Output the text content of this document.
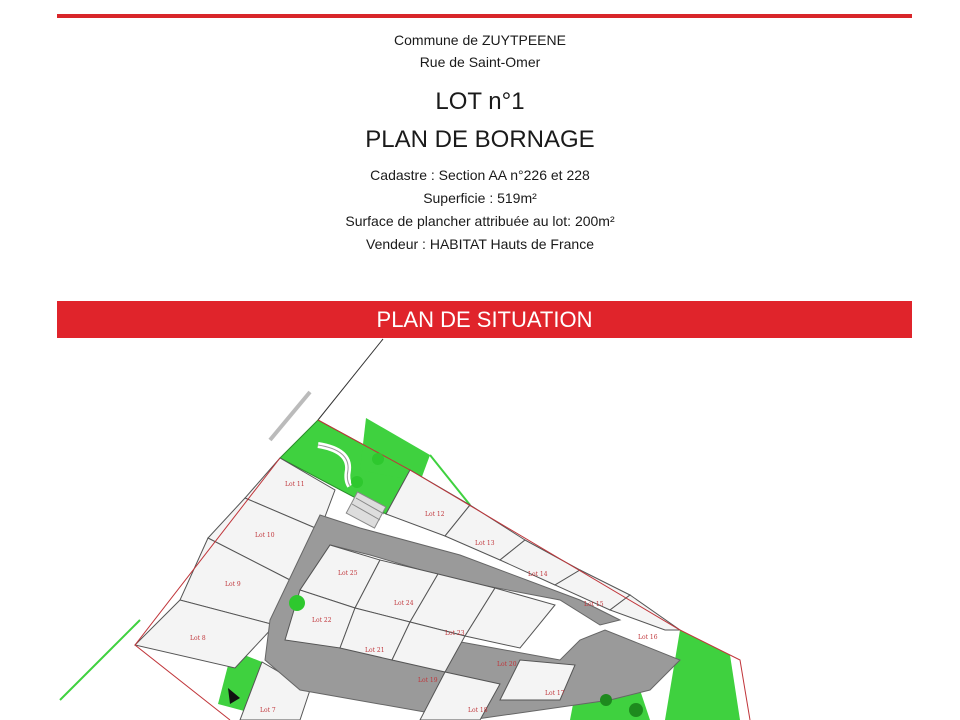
Commune de ZUYTPEENE
Rue de Saint-Omer
LOT n°1
PLAN DE BORNAGE
Cadastre : Section AA n°226 et 228
Superficie : 519m²
Surface de plancher attribuée au lot: 200m²
Vendeur : HABITAT Hauts de France
PLAN DE SITUATION
Lot 11
Lot 10
Lot 9
Lot 8
Lot 7
Lot 12
Lot 13
Lot 14
Lot 15
Lot 16
Lot 25
Lot 24
Lot 23
Lot 22
Lot 21
Lot 20
Lot 19
Lot 18
Lot 17
